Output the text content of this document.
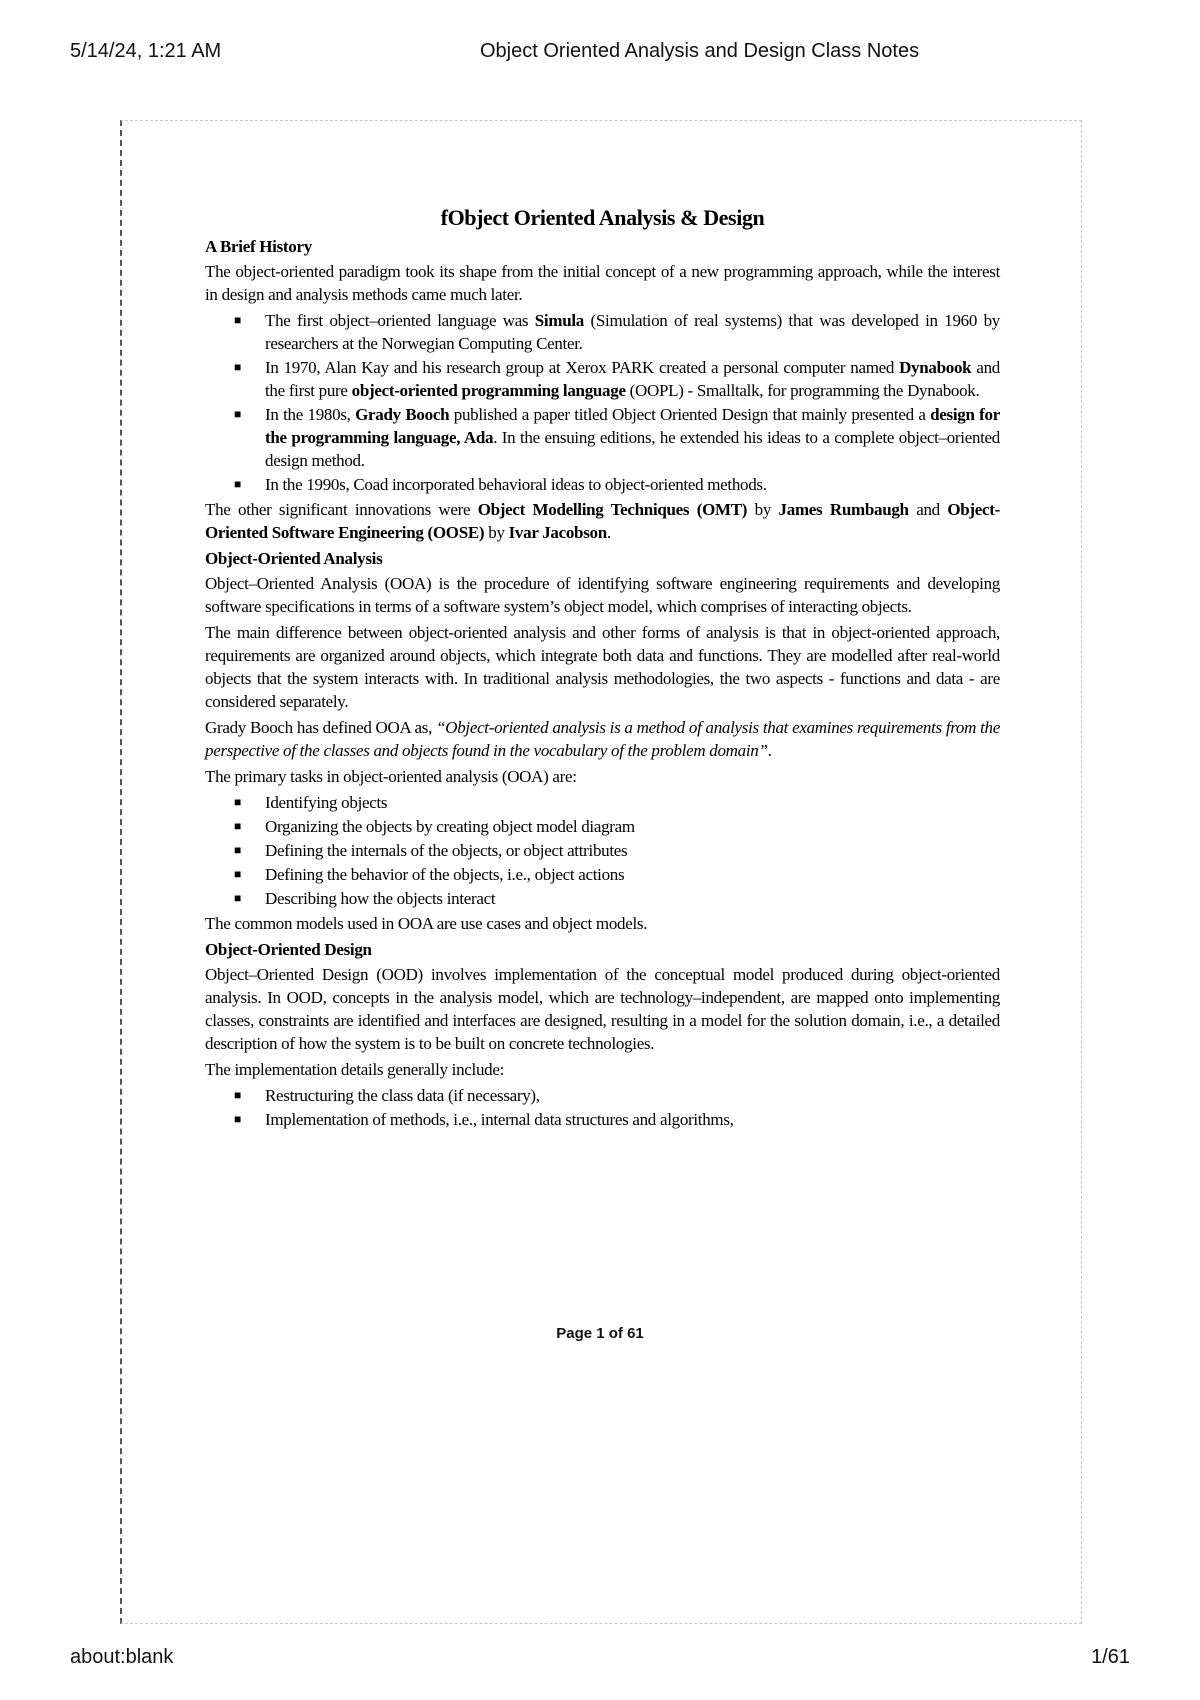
5/14/24, 1:21 AM	Object Oriented Analysis and Design Class Notes
fObject Oriented Analysis & Design
A Brief History

The object-oriented paradigm took its shape from the initial concept of a new programming approach, while the interest in design and analysis methods came much later.

■ The first object–oriented language was Simula (Simulation of real systems) that was developed in 1960 by researchers at the Norwegian Computing Center.
■ In 1970, Alan Kay and his research group at Xerox PARK created a personal computer named Dynabook and the first pure object-oriented programming language (OOPL) - Smalltalk, for programming the Dynabook.
■ In the 1980s, Grady Booch published a paper titled Object Oriented Design that mainly presented a design for the programming language, Ada. In the ensuing editions, he extended his ideas to a complete object–oriented design method.
■ In the 1990s, Coad incorporated behavioral ideas to object-oriented methods.

The other significant innovations were Object Modelling Techniques (OMT) by James Rumbaugh and Object-Oriented Software Engineering (OOSE) by Ivar Jacobson.

Object-Oriented Analysis

Object–Oriented Analysis (OOA) is the procedure of identifying software engineering requirements and developing software specifications in terms of a software system’s object model, which comprises of interacting objects.

The main difference between object-oriented analysis and other forms of analysis is that in object-oriented approach, requirements are organized around objects, which integrate both data and functions. They are modelled after real-world objects that the system interacts with. In traditional analysis methodologies, the two aspects - functions and data - are considered separately.

Grady Booch has defined OOA as, “Object-oriented analysis is a method of analysis that examines requirements from the perspective of the classes and objects found in the vocabulary of the problem domain”.

The primary tasks in object-oriented analysis (OOA) are:

■ Identifying objects
■ Organizing the objects by creating object model diagram
■ Defining the internals of the objects, or object attributes
■ Defining the behavior of the objects, i.e., object actions
■ Describing how the objects interact

The common models used in OOA are use cases and object models.

Object-Oriented Design

Object–Oriented Design (OOD) involves implementation of the conceptual model produced during object-oriented analysis. In OOD, concepts in the analysis model, which are technology–independent, are mapped onto implementing classes, constraints are identified and interfaces are designed, resulting in a model for the solution domain, i.e., a detailed description of how the system is to be built on concrete technologies.

The implementation details generally include:

■ Restructuring the class data (if necessary),
■ Implementation of methods, i.e., internal data structures and algorithms,
Page 1 of 61
about:blank	1/61
